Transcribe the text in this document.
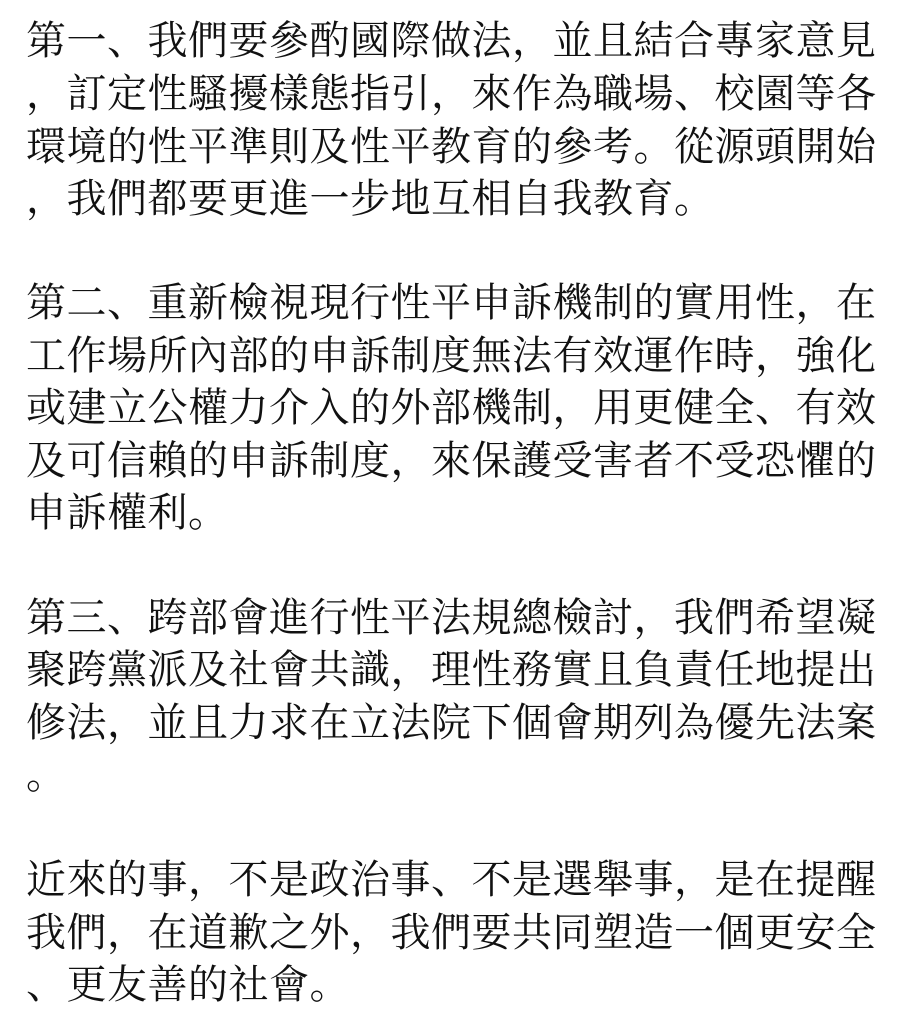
第一、我們要參酌國際做法，並且結合專家意見

，訂定性騷擾樣態指引，來作為職場、校園等各

環境的性平準則及性平教育的參考。從源頭開始

，我們都要更進一步地互相自我教育。

第二、重新檢視現行性平申訴機制的實用性，在

工作場所內部的申訴制度無法有效運作時，強化

或建立公權力介入的外部機制，用更健全、有效

及可信賴的申訴制度，來保護受害者不受恐懼的

申訴權利。

第三、跨部會進行性平法規總檢討，我們希望凝

聚跨黨派及社會共識，理性務實且負責任地提出

修法，並且力求在立法院下個會期列為優先法案

。

近來的事，不是政治事、不是選舉事，是在提醒

我們，在道歉之外，我們要共同塑造一個更安全

、更友善的社會。
